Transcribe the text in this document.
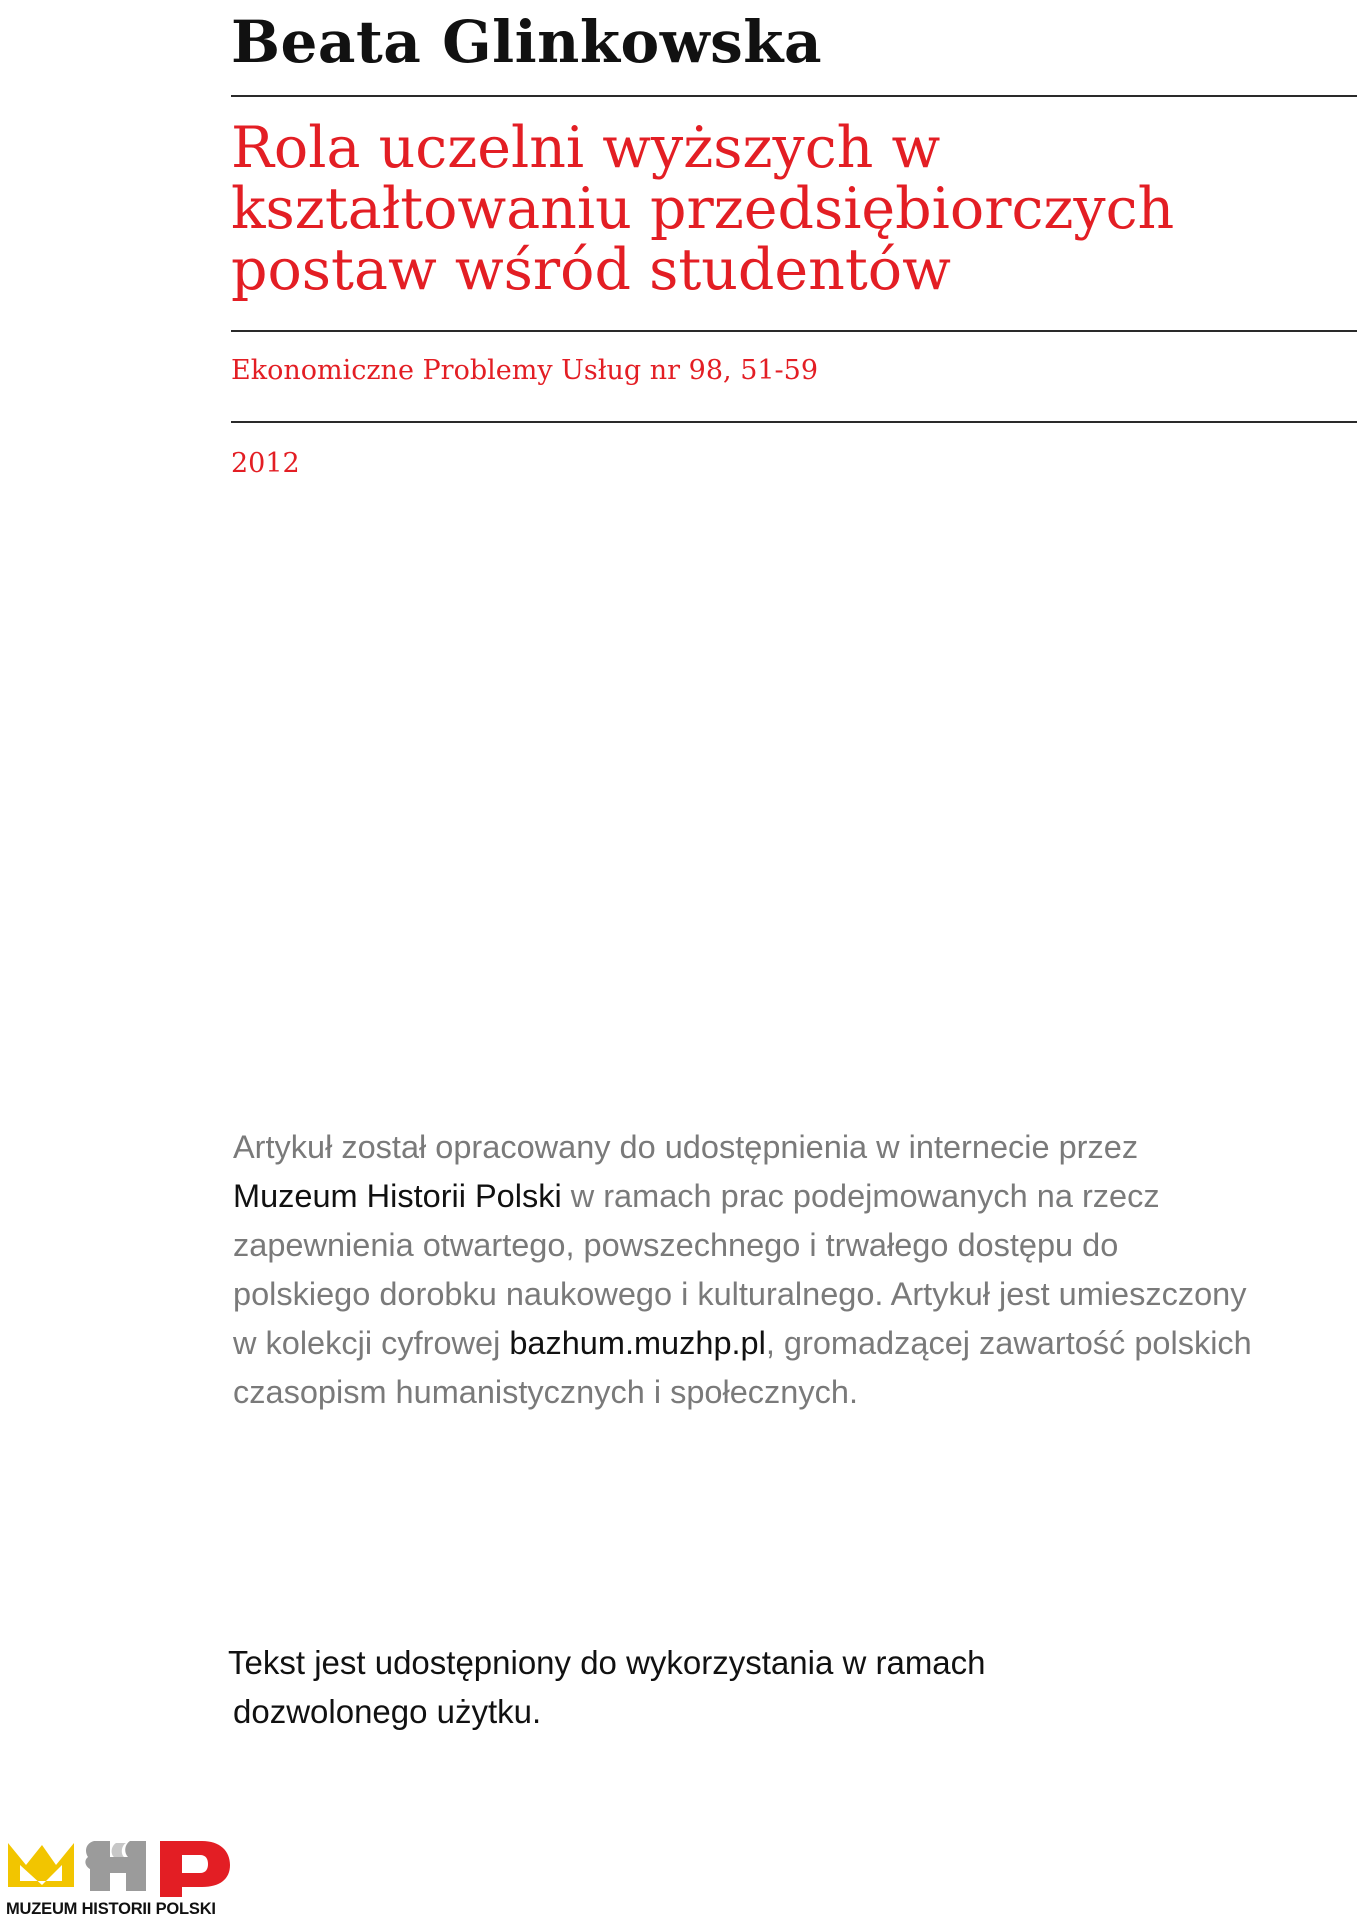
Beata Glinkowska
Rola uczelni wyższych w
kształtowaniu przedsiębiorczych
postaw wśród studentów
Ekonomiczne Problemy Usług nr 98, 51-59
2012

Artykuł został opracowany do udostępnienia w internecie przez
Muzeum Historii Polski w ramach prac podejmowanych na rzecz
zapewnienia otwartego, powszechnego i trwałego dostępu do
polskiego dorobku naukowego i kulturalnego. Artykuł jest umieszczony
w kolekcji cyfrowej bazhum.muzhp.pl, gromadzącej zawartość polskich
czasopism humanistycznych i społecznych.

Tekst jest udostępniony do wykorzystania w ramach
dozwolonego użytku.

MUZEUM HISTORII POLSKI
